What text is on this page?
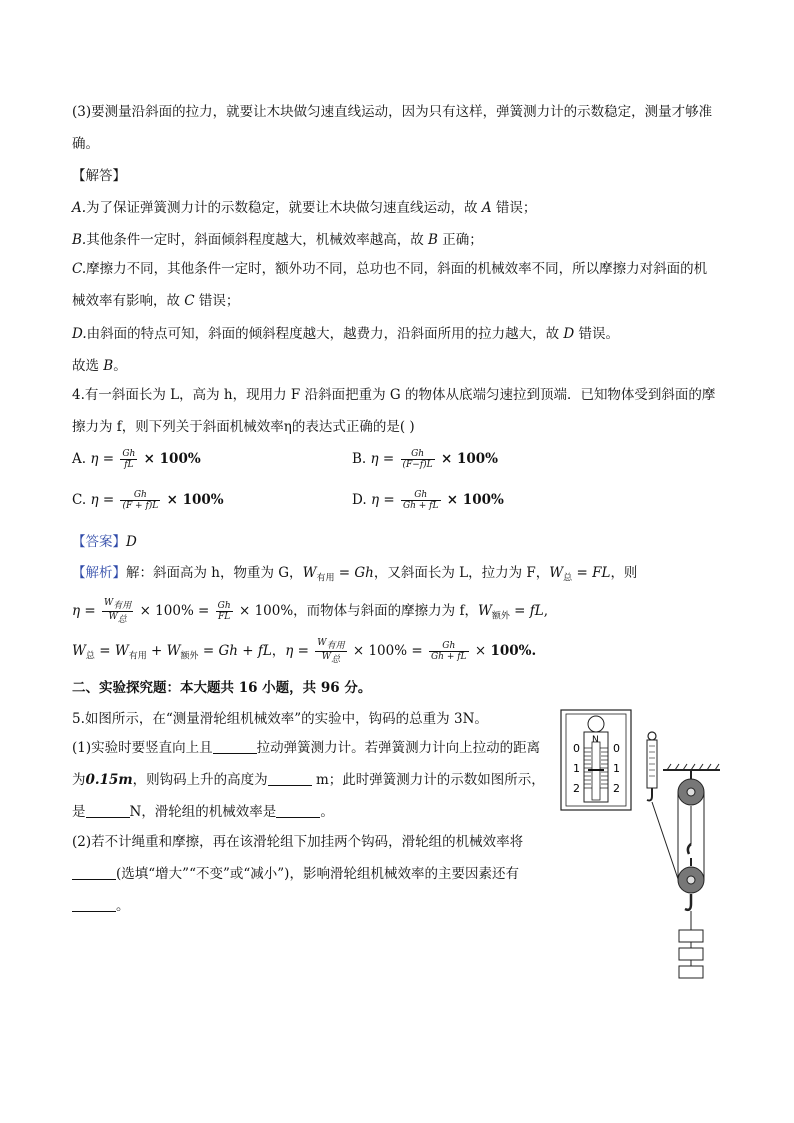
(3)要测量沿斜面的拉力，就要让木块做匀速直线运动，因为只有这样，弹簧测力计的示数稳定，测量才够准确。
【解答】
A.为了保证弹簧测力计的示数稳定，就要让木块做匀速直线运动，故 A 错误；
B.其他条件一定时，斜面倾斜程度越大，机械效率越高，故 B 正确；
C.摩擦力不同，其他条件一定时，额外功不同，总功也不同，斜面的机械效率不同，所以摩擦力对斜面的机械效率有影响，故 C 错误；
D.由斜面的特点可知，斜面的倾斜程度越大，越费力，沿斜面所用的拉力越大，故 D 错误。
故选 B。
4.有一斜面长为 L，高为 h，现用力 F 沿斜面把重为 G 的物体从底端匀速拉到顶端．已知物体受到斜面的摩擦力为 f，则下列关于斜面机械效率η的表达式正确的是( )
A. $\eta = \frac{Gh}{fL} \times 100\%$	B. $\eta = \frac{Gh}{(F-f)L} \times 100\%$
C. $\eta = \frac{Gh}{(F + f)L} \times 100\%$	D. $\eta = \frac{Gh}{Gh + fL} \times 100\%$
【答案】D
【解析】解：斜面高为 h，物重为 G，$W_{有用} = Gh$，又斜面长为 L，拉力为 F，$W_总$ = FL，则
$\eta = \frac{W_{有用}}{W_总} \times 100\% = \frac{Gh}{FL} \times 100\%$，而物体与斜面的摩擦力为 f，$W_{额外}$ = fL,
$W_总 = W_{有用} + W_{额外} = Gh$ + fL，$\eta = \frac{W_{有用}}{W_总} \times 100\% = \frac{Gh}{Gh + fL} \times 100\%$.
二、实验探究题：本大题共 16 小题，共 96 分。
5.如图所示，在“测量滑轮组机械效率”的实验中，钩码的总重为 3N。
(1)实验时要竖直向上且	拉动弹簧测力计。若弹簧测力计向上拉动的距离为0.15m，则钩码上升的高度为	m；此时弹簧测力计的示数如图所示，是	N，滑轮组的机械效率是	。
(2)若不计绳重和摩擦，再在该滑轮组下加挂两个钩码，滑轮组的机械效率将(选填“增大”“不变”或“减小”)，影响滑轮组机械效率的主要因素还有。
N
0
1
2
0
1
2
